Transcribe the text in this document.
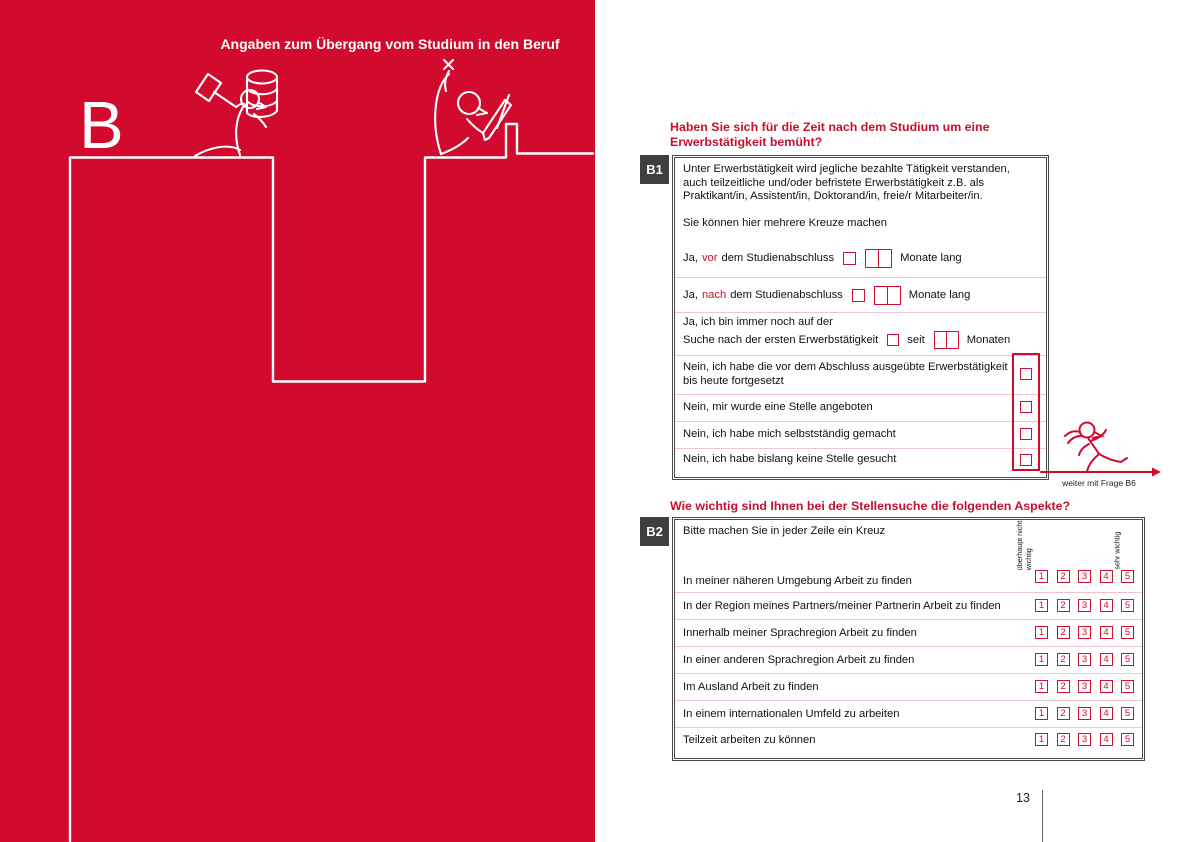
Angaben zum Übergang vom Studium in den Beruf
B	Haben Sie sich für die Zeit nach dem Studium um eine Erwerbstätigkeit bemüht?
B1	Unter Erwerbstätigkeit wird jegliche bezahlte Tätigkeit verstanden, auch teilzeitliche und/oder befristete Erwerbstätigkeit z.B. als Praktikant/in, Assistent/in, Doktorand/in, freie/r Mitarbeiter/in.
Sie können hier mehrere Kreuze machen
Ja, vor dem Studienabschluss	Monate lang
Ja, nach dem Studienabschluss	Monate lang
Ja, ich bin immer noch auf der
Suche nach der ersten Erwerbstätigkeit	seit	Monaten
Nein, ich habe die vor dem Abschluss ausgeübte Erwerbstätigkeit bis heute fortgesetzt
Nein, mir wurde eine Stelle angeboten
Nein, ich habe mich selbstständig gemacht
Nein, ich habe bislang keine Stelle gesucht
weiter mit Frage B6
Wie wichtig sind Ihnen bei der Stellensuche die folgenden Aspekte?
B2	Bitte machen Sie in jeder Zeile ein Kreuz	überhaupt nicht wichtig	sehr wichtig
In meiner näheren Umgebung Arbeit zu finden	1	2	3	4	5
In der Region meines Partners/meiner Partnerin Arbeit zu finden	1	2	3	4	5
Innerhalb meiner Sprachregion Arbeit zu finden	1	2	3	4	5
In einer anderen Sprachregion Arbeit zu finden	1	2	3	4	5
Im Ausland Arbeit zu finden	1	2	3	4	5
In einem internationalen Umfeld zu arbeiten	1	2	3	4	5
Teilzeit arbeiten zu können	1	2	3	4	5
13
